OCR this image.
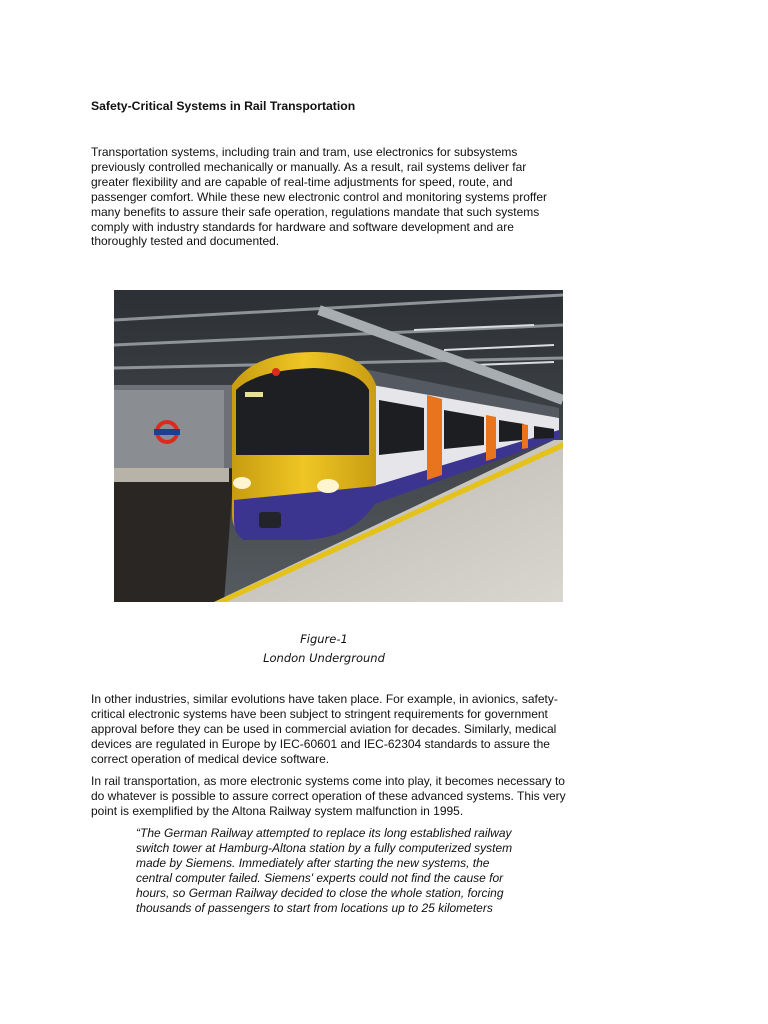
Safety-Critical Systems in Rail Transportation

Transportation systems, including train and tram, use electronics for subsystems
previously controlled mechanically or manually. As a result, rail systems deliver far
greater flexibility and are capable of real-time adjustments for speed, route, and
passenger comfort. While these new electronic control and monitoring systems proffer
many benefits to assure their safe operation, regulations mandate that such systems
comply with industry standards for hardware and software development and are
thoroughly tested and documented.

Figure-1
London Underground

In other industries, similar evolutions have taken place. For example, in avionics, safety-
critical electronic systems have been subject to stringent requirements for government
approval before they can be used in commercial aviation for decades. Similarly, medical
devices are regulated in Europe by IEC-60601 and IEC-62304 standards to assure the
correct operation of medical device software.

In rail transportation, as more electronic systems come into play, it becomes necessary to
do whatever is possible to assure correct operation of these advanced systems. This very
point is exemplified by the Altona Railway system malfunction in 1995.

“The German Railway attempted to replace its long established railway
switch tower at Hamburg-Altona station by a fully computerized system
made by Siemens. Immediately after starting the new systems, the
central computer failed. Siemens' experts could not find the cause for
hours, so German Railway decided to close the whole station, forcing
thousands of passengers to start from locations up to 25 kilometers
